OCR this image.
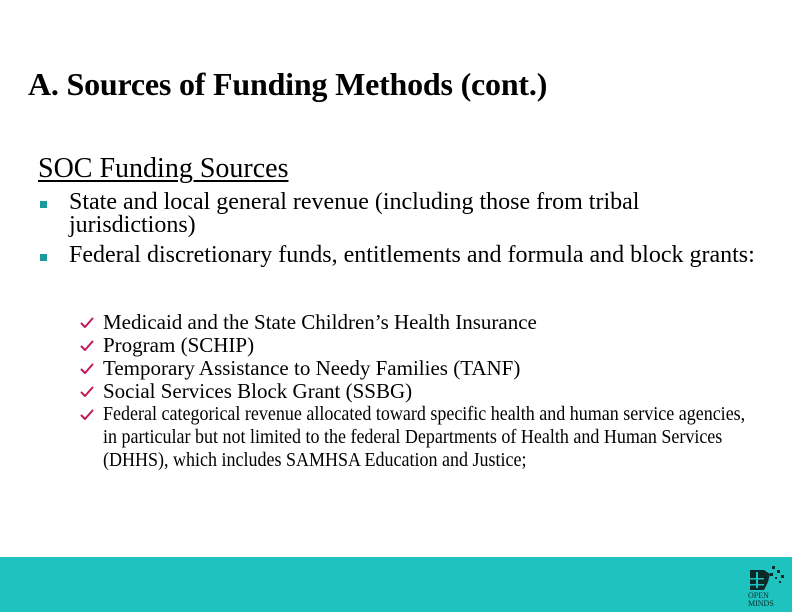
A. Sources of Funding Methods (cont.)
SOC Funding Sources
State and local general revenue (including those from tribal jurisdictions)
Federal discretionary funds, entitlements and formula and block grants:
Medicaid and the State Children’s Health Insurance
Program (SCHIP)
Temporary Assistance to Needy Families (TANF)
Social Services Block Grant (SSBG)
Federal categorical revenue allocated toward specific health and human service agencies, in particular but not limited to the federal Departments of Health and Human Services (DHHS), which includes SAMHSA Education and Justice;
OPEN
MINDS
